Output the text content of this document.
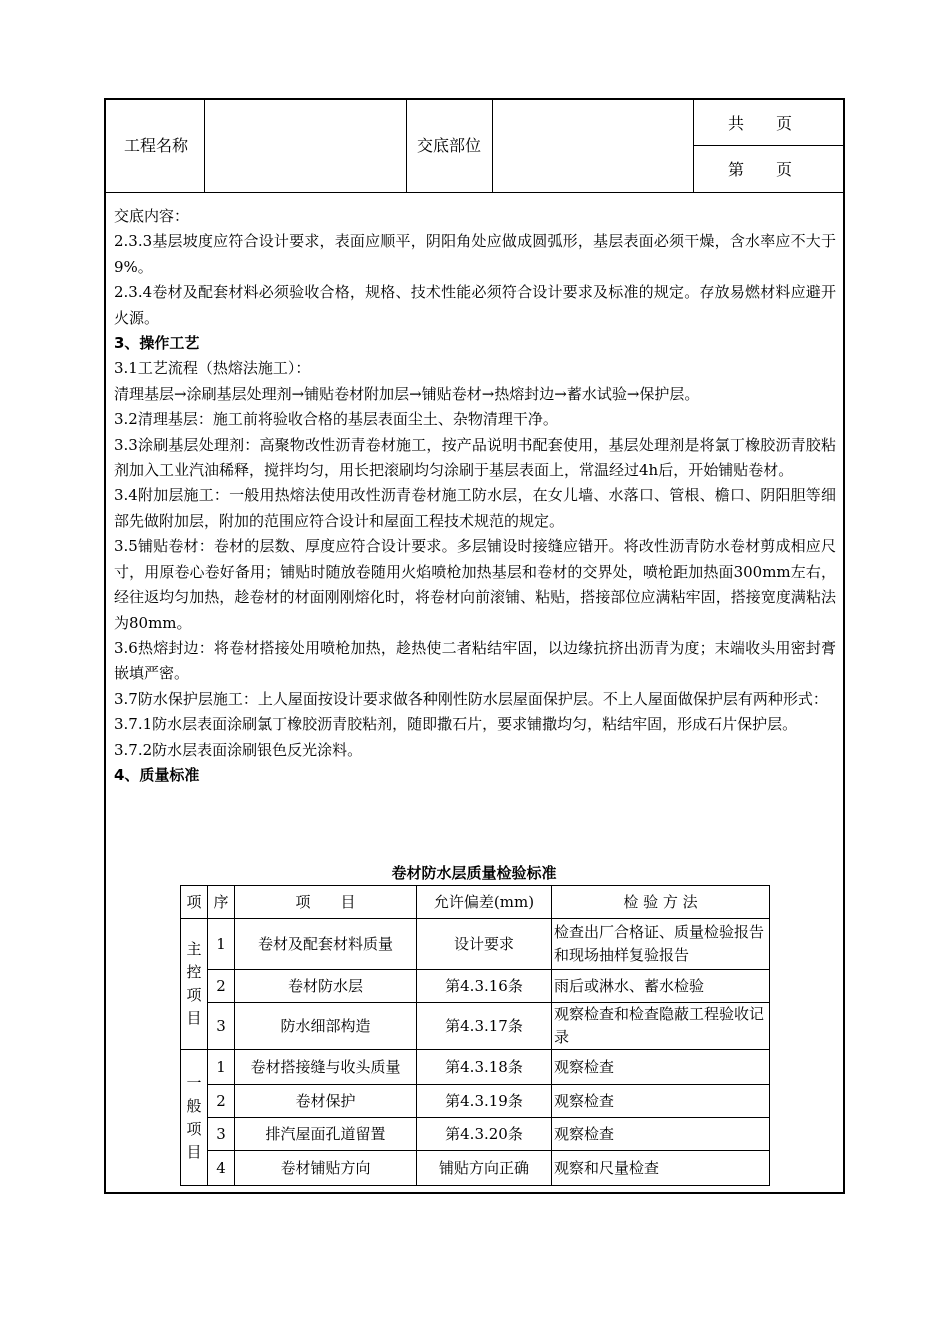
工程名称	交底部位
共　　页
第　　页

交底内容：

2.3.3基层坡度应符合设计要求，表面应顺平，阴阳角处应做成圆弧形，基层表面必须干燥，含水率应不大于9%。

2.3.4卷材及配套材料必须验收合格，规格、技术性能必须符合设计要求及标准的规定。存放易燃材料应避开火源。

3、操作工艺

3.1工艺流程（热熔法施工）：

清理基层→涂刷基层处理剂→铺贴卷材附加层→铺贴卷材→热熔封边→蓄水试验→保护层。

3.2清理基层：施工前将验收合格的基层表面尘土、杂物清理干净。

3.3涂刷基层处理剂：高聚物改性沥青卷材施工，按产品说明书配套使用，基层处理剂是将氯丁橡胶沥青胶粘剂加入工业汽油稀释，搅拌均匀，用长把滚刷均匀涂刷于基层表面上，常温经过4h后，开始铺贴卷材。

3.4附加层施工：一般用热熔法使用改性沥青卷材施工防水层，在女儿墙、水落口、管根、檐口、阴阳胆等细部先做附加层，附加的范围应符合设计和屋面工程技术规范的规定。

3.5铺贴卷材：卷材的层数、厚度应符合设计要求。多层铺设时接缝应错开。将改性沥青防水卷材剪成相应尺寸，用原卷心卷好备用；铺贴时随放卷随用火焰喷枪加热基层和卷材的交界处，喷枪距加热面300mm左右，经往返均匀加热，趁卷材的材面刚刚熔化时，将卷材向前滚铺、粘贴，搭接部位应满粘牢固，搭接宽度满粘法为80mm。

3.6热熔封边：将卷材搭接处用喷枪加热，趁热使二者粘结牢固，以边缘抗挤出沥青为度；末端收头用密封膏嵌填严密。

3.7防水保护层施工：上人屋面按设计要求做各种刚性防水层屋面保护层。不上人屋面做保护层有两种形式：

3.7.1防水层表面涂刷氯丁橡胶沥青胶粘剂，随即撒石片，要求铺撒均匀，粘结牢固，形成石片保护层。

3.7.2防水层表面涂刷银色反光涂料。

4、质量标准

卷材防水层质量检验标准
项	序	项　　目	允许偏差(mm)	检 验 方 法
主
控
项
目	1	卷材及配套材料质量	设计要求	检查出厂合格证、质量检验报告和现场抽样复验报告
	2	卷材防水层	第4.3.16条	雨后或淋水、蓄水检验
	3	防水细部构造	第4.3.17条	观察检查和检查隐蔽工程验收记录
一
般
项
目	1	卷材搭接缝与收头质量	第4.3.18条	观察检查
	2	卷材保护	第4.3.19条	观察检查
	3	排汽屋面孔道留置	第4.3.20条	观察检查
	4	卷材铺贴方向	铺贴方向正确	观察和尺量检查
